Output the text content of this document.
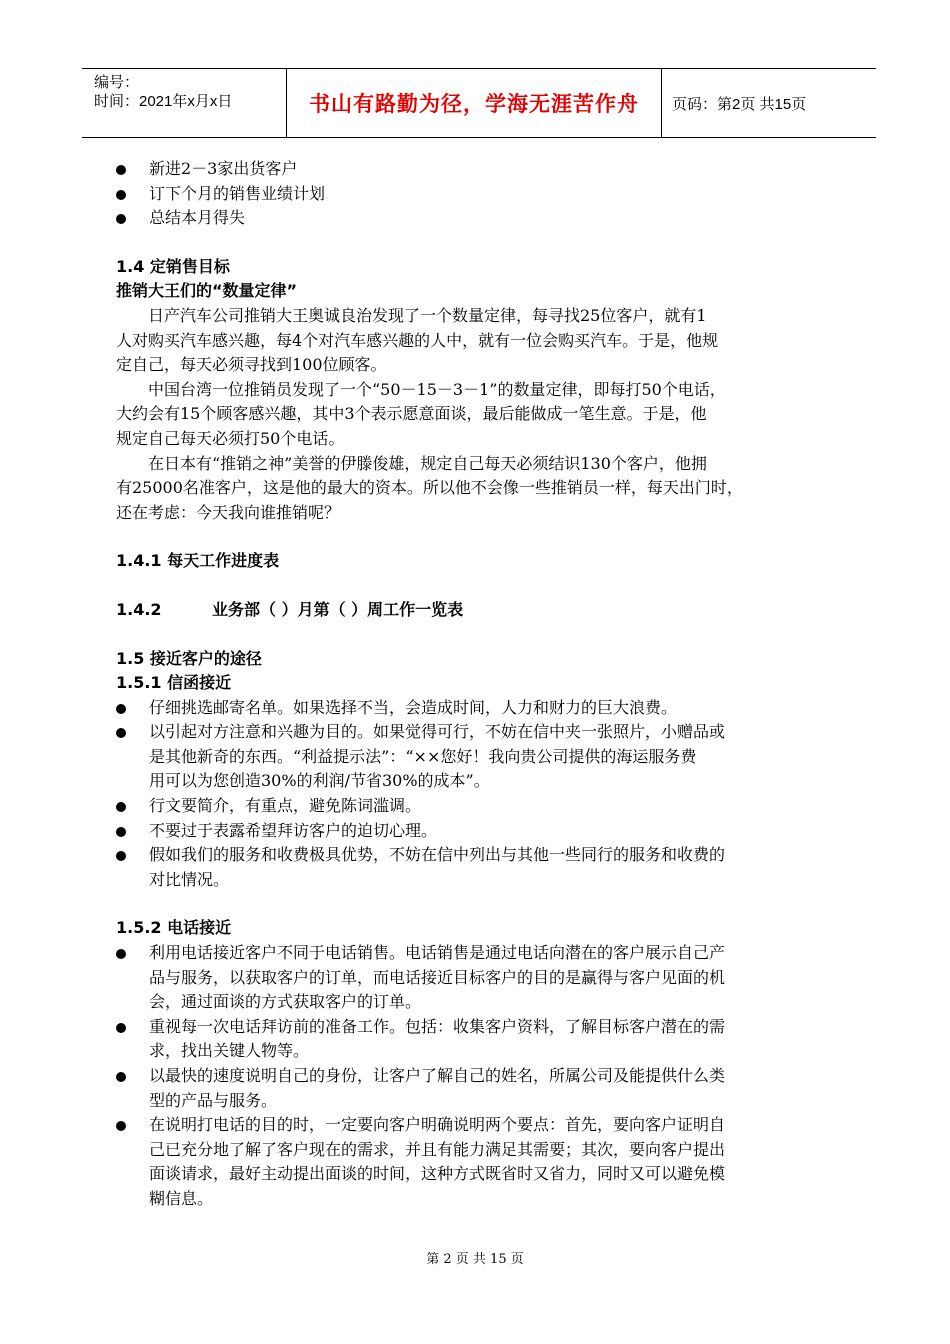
编号：
时间：2021年x月x日	书山有路勤为径，学海无涯苦作舟	页码：第2页 共15页
新进2－3家出货客户
订下个月的销售业绩计划
总结本月得失
1.4 定销售目标
推销大王们的“数量定律”
日产汽车公司推销大王奥诚良治发现了一个数量定律，每寻找25位客户，就有1
人对购买汽车感兴趣，每4个对汽车感兴趣的人中，就有一位会购买汽车。于是，他规
定自己，每天必须寻找到100位顾客。
中国台湾一位推销员发现了一个“50－15－3－1”的数量定律，即每打50个电话，
大约会有15个顾客感兴趣，其中3个表示愿意面谈，最后能做成一笔生意。于是，他
规定自己每天必须打50个电话。
在日本有“推销之神”美誉的伊滕俊雄，规定自己每天必须结识130个客户，他拥
有25000名准客户，这是他的最大的资本。所以他不会像一些推销员一样，每天出门时，
还在考虑：今天我向谁推销呢？
1.4.1 每天工作进度表
1.4.2	业务部（ ）月第（ ）周工作一览表
1.5 接近客户的途径
1.5.1 信函接近
仔细挑选邮寄名单。如果选择不当，会造成时间，人力和财力的巨大浪费。
以引起对方注意和兴趣为目的。如果觉得可行，不妨在信中夹一张照片，小赠品或
是其他新奇的东西。“利益提示法”：“××您好！我向贵公司提供的海运服务费
用可以为您创造30%的利润/节省30%的成本”。
行文要简介，有重点，避免陈词滥调。
不要过于表露希望拜访客户的迫切心理。
假如我们的服务和收费极具优势，不妨在信中列出与其他一些同行的服务和收费的
对比情况。
1.5.2 电话接近
利用电话接近客户不同于电话销售。电话销售是通过电话向潜在的客户展示自己产
品与服务，以获取客户的订单，而电话接近目标客户的目的是赢得与客户见面的机
会，通过面谈的方式获取客户的订单。
重视每一次电话拜访前的准备工作。包括：收集客户资料，了解目标客户潜在的需
求，找出关键人物等。
以最快的速度说明自己的身份，让客户了解自己的姓名，所属公司及能提供什么类
型的产品与服务。
在说明打电话的目的时，一定要向客户明确说明两个要点：首先，要向客户证明自
己已充分地了解了客户现在的需求，并且有能力满足其需要；其次，要向客户提出
面谈请求，最好主动提出面谈的时间，这种方式既省时又省力，同时又可以避免模
糊信息。
第 2 页 共 15 页
